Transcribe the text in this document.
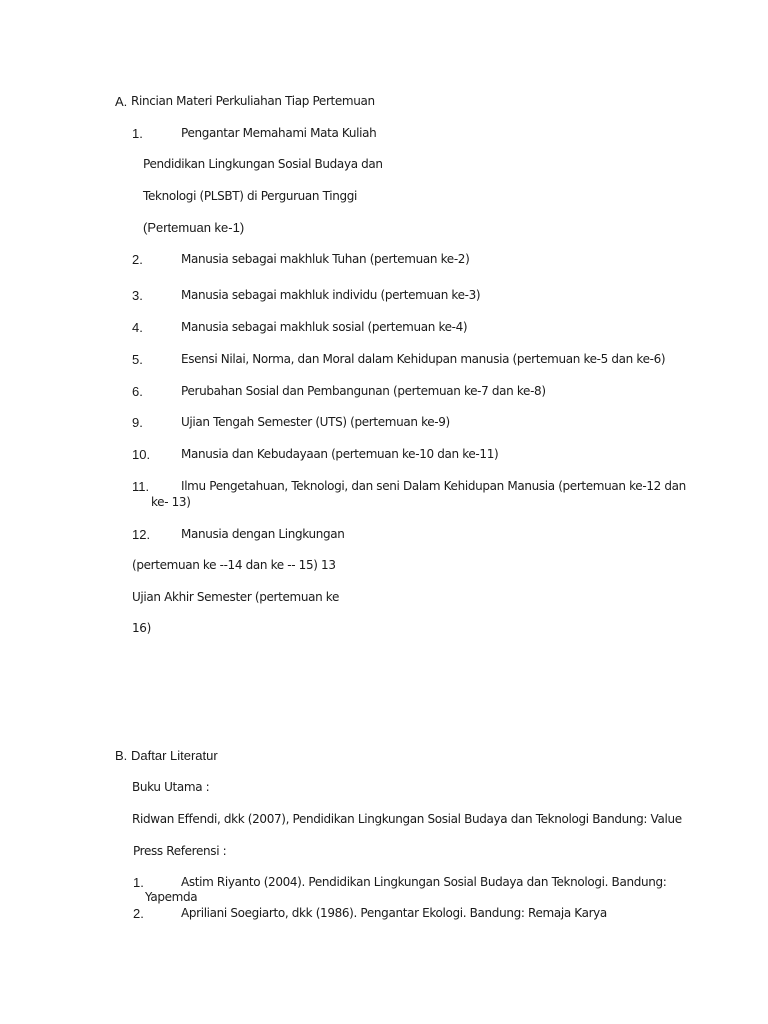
A. Rincian Materi Perkuliahan Tiap Pertemuan
1.	Pengantar Memahami Mata Kuliah
Pendidikan Lingkungan Sosial Budaya dan
Teknologi (PLSBT) di Perguruan Tinggi
(Pertemuan ke-1)
2.	Manusia sebagai makhluk Tuhan (pertemuan ke-2)
3.	Manusia sebagai makhluk individu (pertemuan ke-3)
4.	Manusia sebagai makhluk sosial (pertemuan ke-4)
5.	Esensi Nilai, Norma, dan Moral dalam Kehidupan manusia (pertemuan ke-5 dan ke-6)
6.	Perubahan Sosial dan Pembangunan (pertemuan ke-7 dan ke-8)
9.	Ujian Tengah Semester (UTS) (pertemuan ke-9)
10.	Manusia dan Kebudayaan (pertemuan ke-10 dan ke-11)
11.	Ilmu Pengetahuan, Teknologi, dan seni Dalam Kehidupan Manusia (pertemuan ke-12 dan
ke- 13)
12.	Manusia dengan Lingkungan
(pertemuan ke --14 dan ke -- 15) 13
Ujian Akhir Semester (pertemuan ke
16)
B. Daftar Literatur
Buku Utama :
Ridwan Effendi, dkk (2007), Pendidikan Lingkungan Sosial Budaya dan Teknologi Bandung: Value
Press Referensi :
1.	Astim Riyanto (2004). Pendidikan Lingkungan Sosial Budaya dan Teknologi. Bandung:
Yapemda
2.	Apriliani Soegiarto, dkk (1986). Pengantar Ekologi. Bandung: Remaja Karya
